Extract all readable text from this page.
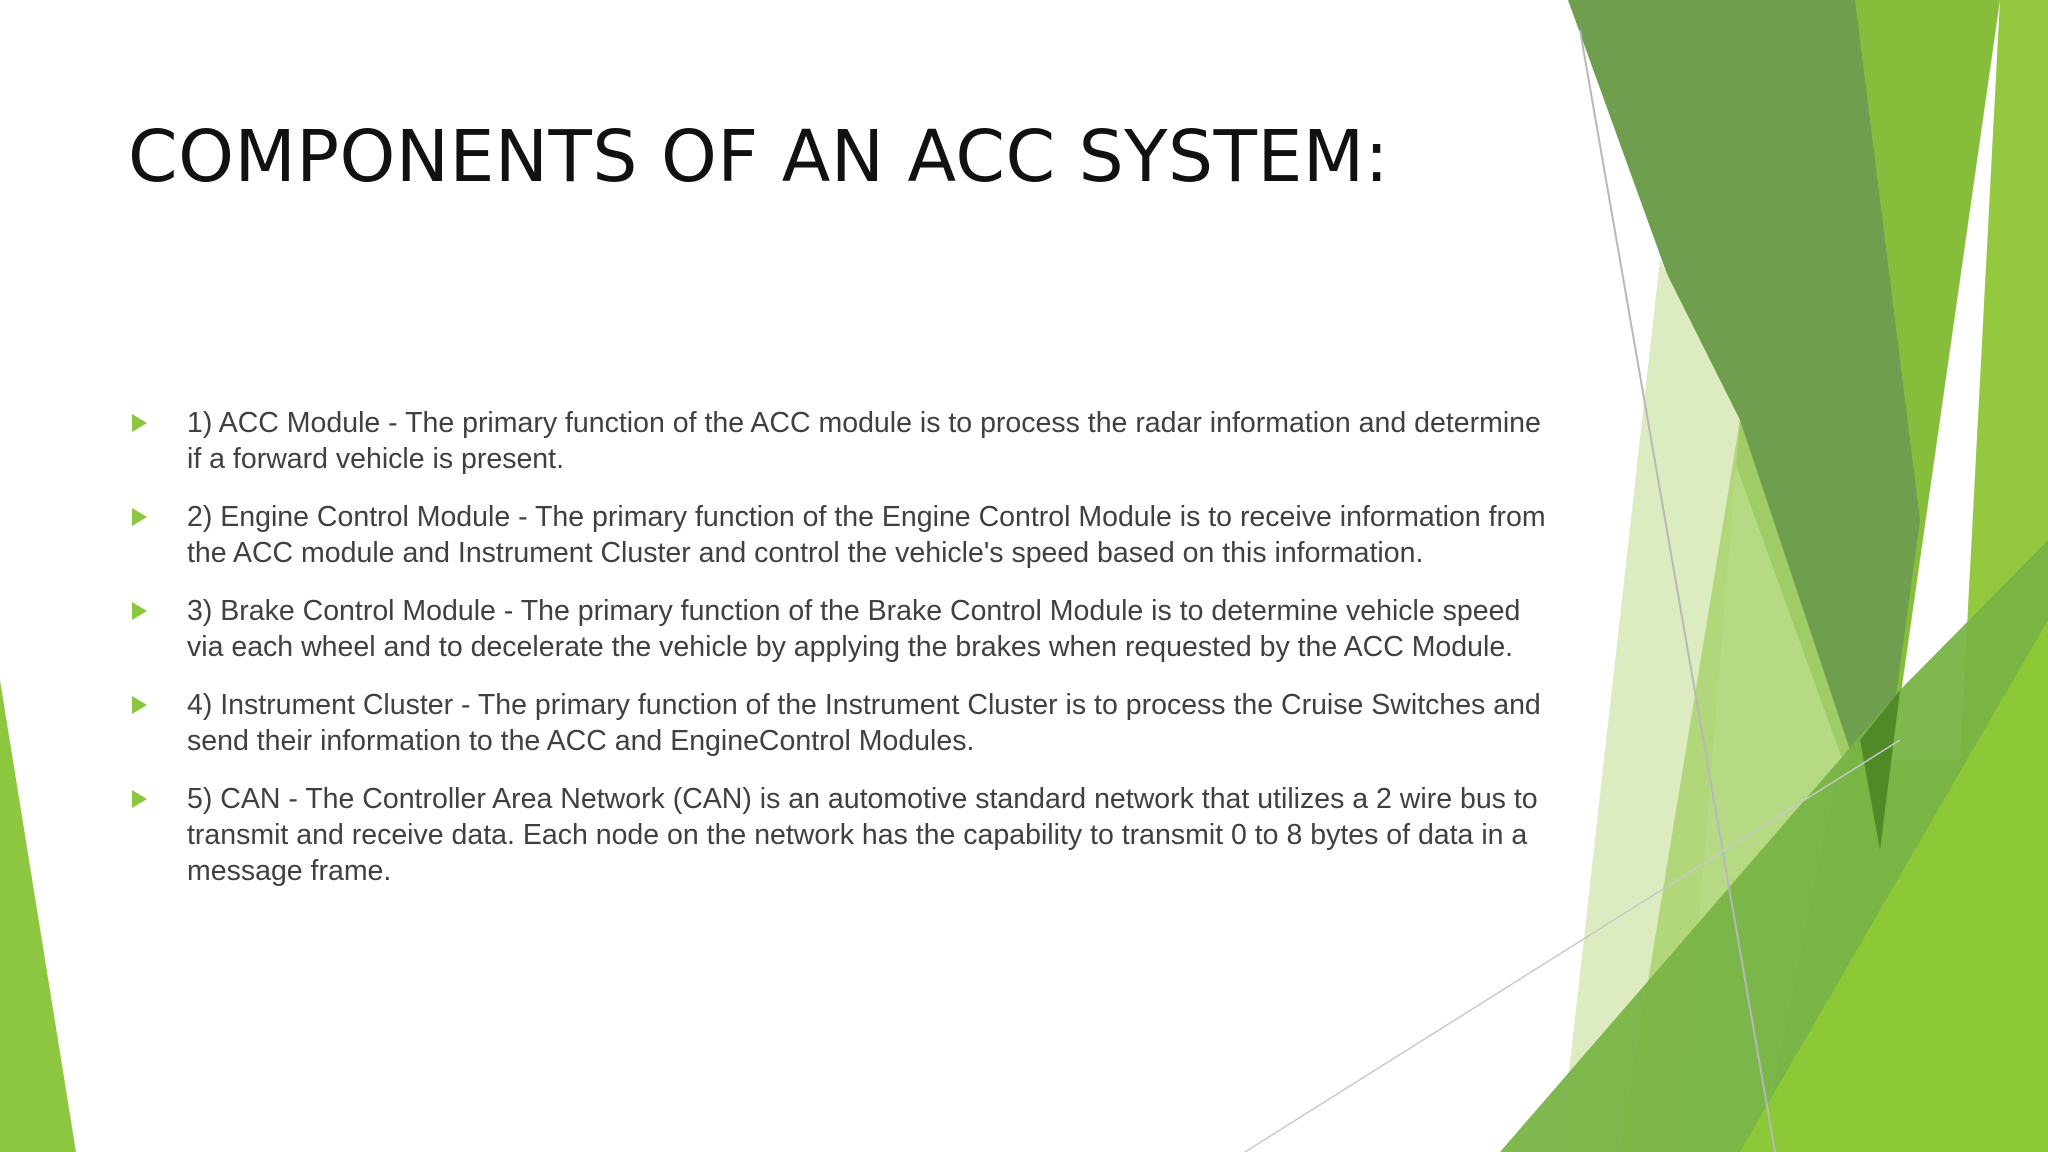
COMPONENTS OF AN ACC SYSTEM:
1) ACC Module - The primary function of the ACC module is to process the radar information and determine if a forward vehicle is present.
2) Engine Control Module - The primary function of the Engine Control Module is to receive information from the ACC module and Instrument Cluster and control the vehicle's speed based on this information.
3) Brake Control Module - The primary function of the Brake Control Module is to determine vehicle speed via each wheel and to decelerate the vehicle by applying the brakes when requested by the ACC Module.
4) Instrument Cluster - The primary function of the Instrument Cluster is to process the Cruise Switches and send their information to the ACC and EngineControl Modules.
5) CAN - The Controller Area Network (CAN) is an automotive standard network that utilizes a 2 wire bus to transmit and receive data. Each node on the network has the capability to transmit 0 to 8 bytes of data in a message frame.
